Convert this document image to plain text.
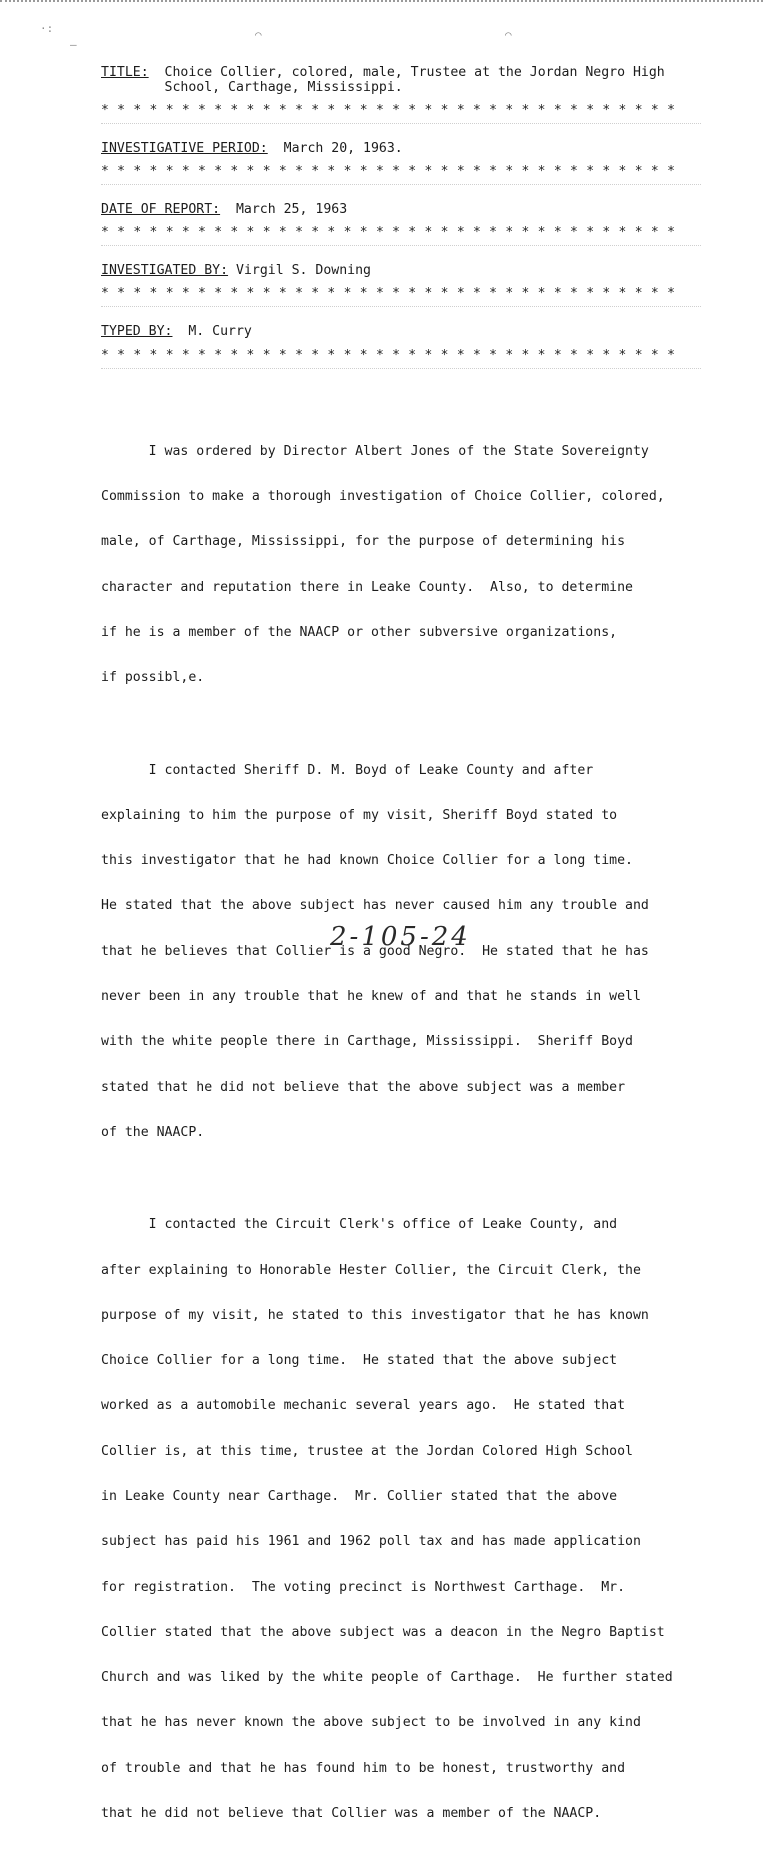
·:
—
⌒	⌒
TITLE:
Choice Collier, colored, male, Trustee at the Jordan Negro High School, Carthage, Mississippi.
* * * * * * * * * * * * * * * * * * * * * * * * * * * * * * * * * * * *
INVESTIGATIVE PERIOD: March 20, 1963.
* * * * * * * * * * * * * * * * * * * * * * * * * * * * * * * * * * * *
DATE OF REPORT: March 25, 1963
* * * * * * * * * * * * * * * * * * * * * * * * * * * * * * * * * * * *
INVESTIGATED BY: Virgil S. Downing
* * * * * * * * * * * * * * * * * * * * * * * * * * * * * * * * * * * *
TYPED BY: M. Curry
* * * * * * * * * * * * * * * * * * * * * * * * * * * * * * * * * * * *

I was ordered by Director Albert Jones of the State Sovereignty

Commission to make a thorough investigation of Choice Collier, colored,

male, of Carthage, Mississippi, for the purpose of determining his

character and reputation there in Leake County.  Also, to determine

if he is a member of the NAACP or other subversive organizations,

if possibl,e.

I contacted Sheriff D. M. Boyd of Leake County and after

explaining to him the purpose of my visit, Sheriff Boyd stated to

this investigator that he had known Choice Collier for a long time.

He stated that the above subject has never caused him any trouble and

that he believes that Collier is a good Negro.  He stated that he has

never been in any trouble that he knew of and that he stands in well

with the white people there in Carthage, Mississippi.  Sheriff Boyd

stated that he did not believe that the above subject was a member

of the NAACP.

I contacted the Circuit Clerk's office of Leake County, and

after explaining to Honorable Hester Collier, the Circuit Clerk, the

purpose of my visit, he stated to this investigator that he has known

Choice Collier for a long time.  He stated that the above subject

worked as a automobile mechanic several years ago.  He stated that

Collier is, at this time, trustee at the Jordan Colored High School

in Leake County near Carthage.  Mr. Collier stated that the above

subject has paid his 1961 and 1962 poll tax and has made application

for registration.  The voting precinct is Northwest Carthage.  Mr.

Collier stated that the above subject was a deacon in the Negro Baptist

Church and was liked by the white people of Carthage.  He further stated

that he has never known the above subject to be involved in any kind

of trouble and that he has found him to be honest, trustworthy and

that he did not believe that Collier was a member of the NAACP.

2-105-24
